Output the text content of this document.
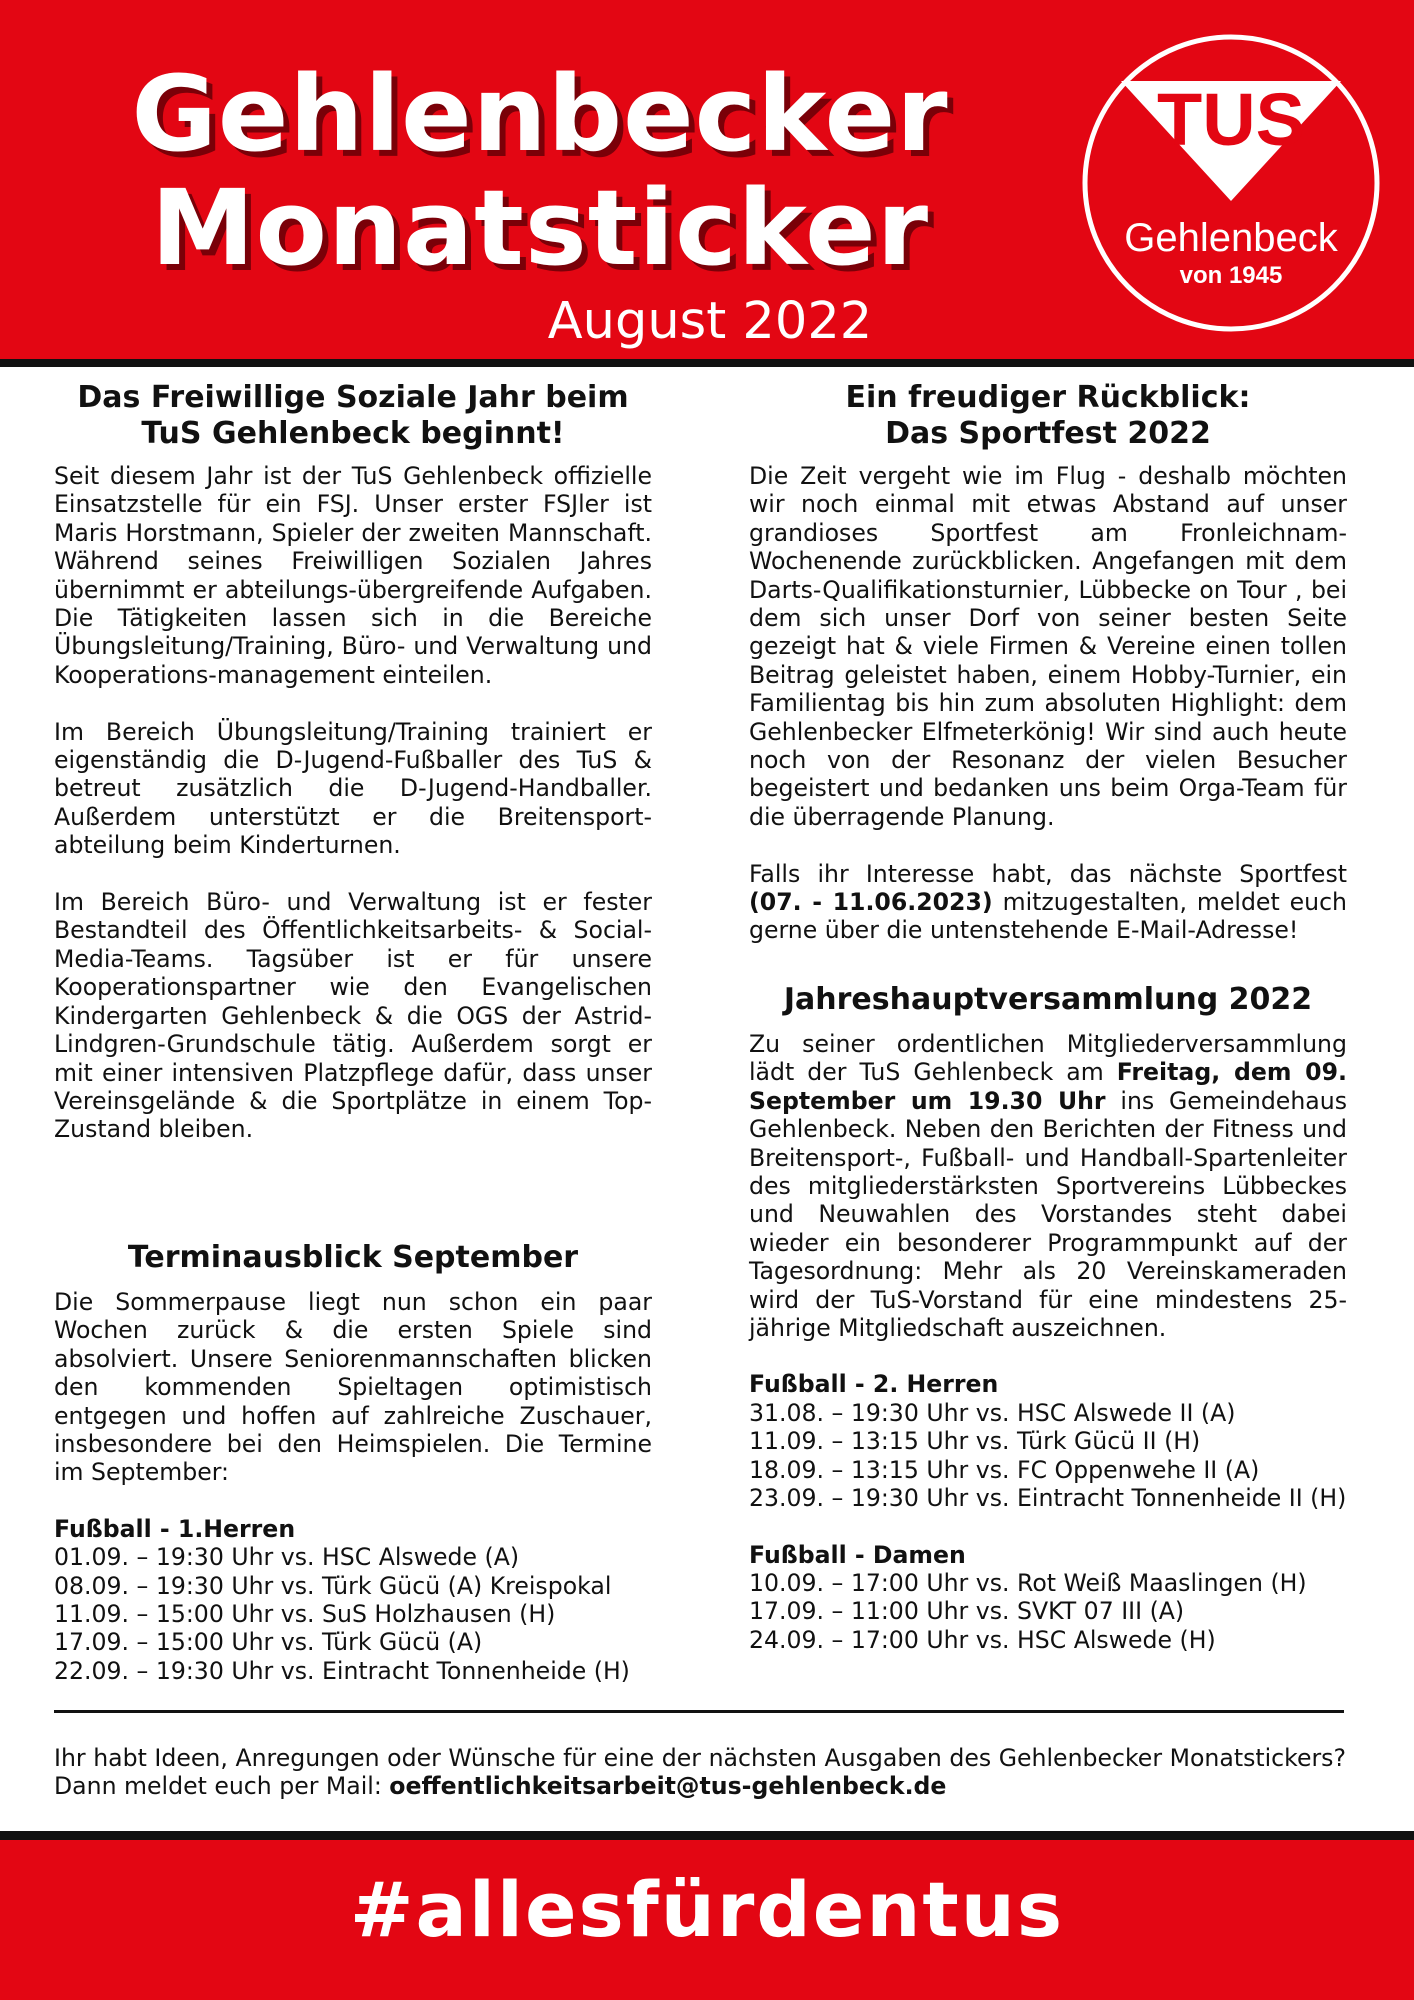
Gehlenbecker
Monatsticker
August 2022
TUS
Gehlenbeck
von 1945
Das Freiwillige Soziale Jahr beim
TuS Gehlenbeck beginnt!

Seit diesem Jahr ist der TuS Gehlenbeck offizielle Einsatzstelle für ein FSJ. Unser erster FSJler ist Maris Horstmann, Spieler der zweiten Mannschaft. Während seines Freiwilligen Sozialen Jahres übernimmt er abteilungs-übergreifende Aufgaben. Die Tätigkeiten lassen sich in die Bereiche Übungsleitung/Training, Büro- und Verwaltung und Kooperations-management einteilen.

Im Bereich Übungsleitung/Training trainiert er eigenständig die D-Jugend-Fußballer des TuS & betreut zusätzlich die D-Jugend-Handballer. Außerdem unterstützt er die Breitensport-abteilung beim Kinderturnen.

Im Bereich Büro- und Verwaltung ist er fester Bestandteil des Öffentlichkeitsarbeits- & Social-Media-Teams. Tagsüber ist er für unsere Kooperationspartner wie den Evangelischen Kindergarten Gehlenbeck & die OGS der Astrid-Lindgren-Grundschule tätig. Außerdem sorgt er mit einer intensiven Platzpflege dafür, dass unser Vereinsgelände & die Sportplätze in einem Top-Zustand bleiben.

Terminausblick September

Die Sommerpause liegt nun schon ein paar Wochen zurück & die ersten Spiele sind absolviert. Unsere Seniorenmannschaften blicken den kommenden Spieltagen optimistisch entgegen und hoffen auf zahlreiche Zuschauer, insbesondere bei den Heimspielen. Die Termine im September:

Fußball - 1.Herren
01.09. – 19:30 Uhr vs. HSC Alswede (A)
08.09. – 19:30 Uhr vs. Türk Gücü (A) Kreispokal
11.09. – 15:00 Uhr vs. SuS Holzhausen (H)
17.09. – 15:00 Uhr vs. Türk Gücü (A)
22.09. – 19:30 Uhr vs. Eintracht Tonnenheide (H)
Ein freudiger Rückblick:
Das Sportfest 2022

Die Zeit vergeht wie im Flug - deshalb möchten wir noch einmal mit etwas Abstand auf unser grandioses Sportfest am Fronleichnam-Wochenende zurückblicken. Angefangen mit dem Darts-Qualifikationsturnier, Lübbecke on Tour , bei dem sich unser Dorf von seiner besten Seite gezeigt hat & viele Firmen & Vereine einen tollen Beitrag geleistet haben, einem Hobby-Turnier, ein Familientag bis hin zum absoluten Highlight: dem Gehlenbecker Elfmeterkönig! Wir sind auch heute noch von der Resonanz der vielen Besucher begeistert und bedanken uns beim Orga-Team für die überragende Planung.

Falls ihr Interesse habt, das nächste Sportfest (07. - 11.06.2023) mitzugestalten, meldet euch gerne über die untenstehende E-Mail-Adresse!

Jahreshauptversammlung 2022

Zu seiner ordentlichen Mitgliederversammlung lädt der TuS Gehlenbeck am Freitag, dem 09. September um 19.30 Uhr ins Gemeindehaus Gehlenbeck. Neben den Berichten der Fitness und Breitensport-, Fußball- und Handball-Spartenleiter des mitgliederstärksten Sportvereins Lübbeckes und Neuwahlen des Vorstandes steht dabei wieder ein besonderer Programmpunkt auf der Tagesordnung: Mehr als 20 Vereinskameraden wird der TuS-Vorstand für eine mindestens 25-jährige Mitgliedschaft auszeichnen.

Fußball - 2. Herren
31.08. – 19:30 Uhr vs. HSC Alswede II (A)
11.09. – 13:15 Uhr vs. Türk Gücü II (H)
18.09. – 13:15 Uhr vs. FC Oppenwehe II (A)
23.09. – 19:30 Uhr vs. Eintracht Tonnenheide II (H)
Fußball - Damen
10.09. – 17:00 Uhr vs. Rot Weiß Maaslingen (H)
17.09. – 11:00 Uhr vs. SVKT 07 III (A)
24.09. – 17:00 Uhr vs. HSC Alswede (H)

Ihr habt Ideen, Anregungen oder Wünsche für eine der nächsten Ausgaben des Gehlenbecker Monatstickers? Dann meldet euch per Mail: oeffentlichkeitsarbeit@tus-gehlenbeck.de

#allesfürdentus
